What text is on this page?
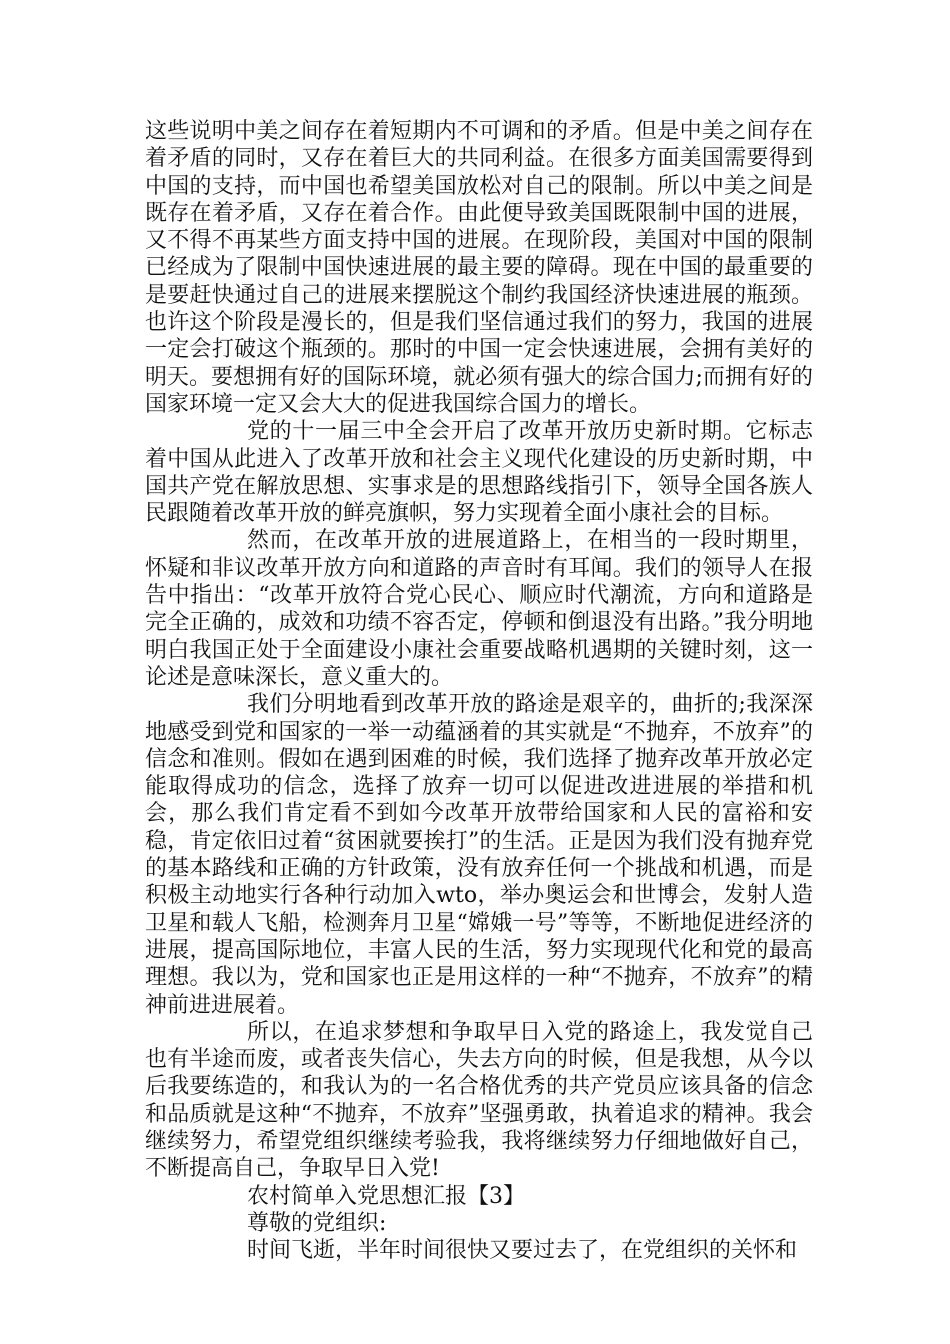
这些说明中美之间存在着短期内不可调和的矛盾。但是中美之间存在着矛盾的同时，又存在着巨大的共同利益。在很多方面美国需要得到中国的支持，而中国也希望美国放松对自己的限制。所以中美之间是既存在着矛盾，又存在着合作。由此便导致美国既限制中国的进展，又不得不再某些方面支持中国的进展。在现阶段，美国对中国的限制已经成为了限制中国快速进展的最主要的障碍。现在中国的最重要的是要赶快通过自己的进展来摆脱这个制约我国经济快速进展的瓶颈。也许这个阶段是漫长的，但是我们坚信通过我们的努力，我国的进展一定会打破这个瓶颈的。那时的中国一定会快速进展，会拥有美好的明天。要想拥有好的国际环境，就必须有强大的综合国力;而拥有好的国家环境一定又会大大的促进我国综合国力的增长。

党的十一届三中全会开启了改革开放历史新时期。它标志着中国从此进入了改革开放和社会主义现代化建设的历史新时期，中国共产党在解放思想、实事求是的思想路线指引下，领导全国各族人民跟随着改革开放的鲜亮旗帜，努力实现着全面小康社会的目标。

然而，在改革开放的进展道路上，在相当的一段时期里，怀疑和非议改革开放方向和道路的声音时有耳闻。我们的领导人在报告中指出：“改革开放符合党心民心、顺应时代潮流，方向和道路是完全正确的，成效和功绩不容否定，停顿和倒退没有出路。”我分明地明白我国正处于全面建设小康社会重要战略机遇期的关键时刻，这一论述是意味深长，意义重大的。

我们分明地看到改革开放的路途是艰辛的，曲折的;我深深地感受到党和国家的一举一动蕴涵着的其实就是“不抛弃，不放弃”的信念和准则。假如在遇到困难的时候，我们选择了抛弃改革开放必定能取得成功的信念，选择了放弃一切可以促进改进进展的举措和机会，那么我们肯定看不到如今改革开放带给国家和人民的富裕和安稳，肯定依旧过着“贫困就要挨打”的生活。正是因为我们没有抛弃党的基本路线和正确的方针政策，没有放弃任何一个挑战和机遇，而是积极主动地实行各种行动加入wto，举办奥运会和世博会，发射人造卫星和载人飞船，检测奔月卫星“嫦娥一号”等等，不断地促进经济的进展，提高国际地位，丰富人民的生活，努力实现现代化和党的最高理想。我以为，党和国家也正是用这样的一种“不抛弃，不放弃”的精神前进进展着。

所以，在追求梦想和争取早日入党的路途上，我发觉自己也有半途而废，或者丧失信心，失去方向的时候，但是我想，从今以后我要练造的，和我认为的一名合格优秀的共产党员应该具备的信念和品质就是这种“不抛弃，不放弃”坚强勇敢，执着追求的精神。我会继续努力，希望党组织继续考验我，我将继续努力仔细地做好自己，不断提高自己，争取早日入党!

农村简单入党思想汇报【3】

尊敬的党组织:

时间飞逝，半年时间很快又要过去了，在党组织的关怀和
